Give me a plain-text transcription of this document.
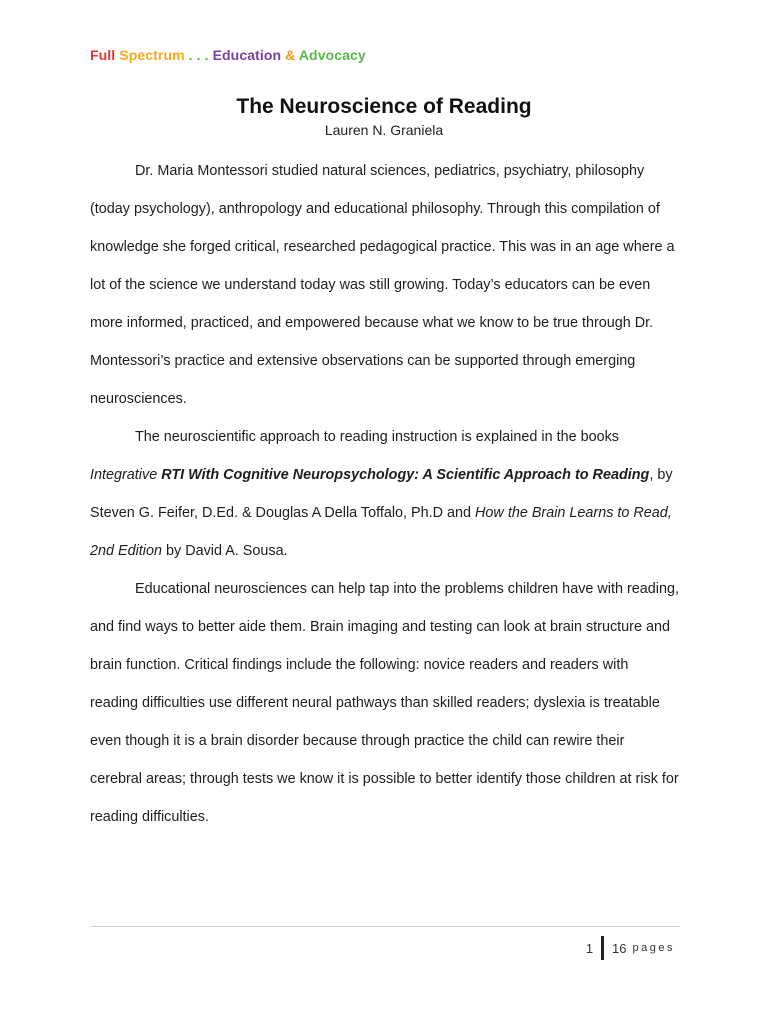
Full Spectrum . . . Education & Advocacy
The Neuroscience of Reading
Lauren N. Graniela

Dr. Maria Montessori studied natural sciences, pediatrics, psychiatry, philosophy (today psychology), anthropology and educational philosophy. Through this compilation of knowledge she forged critical, researched pedagogical practice. This was in an age where a lot of the science we understand today was still growing. Today’s educators can be even more informed, practiced, and empowered because what we know to be true through Dr. Montessori’s practice and extensive observations can be supported through emerging neurosciences.

The neuroscientific approach to reading instruction is explained in the books Integrative RTI With Cognitive Neuropsychology: A Scientific Approach to Reading, by Steven G. Feifer, D.Ed. & Douglas A Della Toffalo, Ph.D and How the Brain Learns to Read, 2nd Edition by David A. Sousa.

Educational neurosciences can help tap into the problems children have with reading, and find ways to better aide them. Brain imaging and testing can look at brain structure and brain function. Critical findings include the following: novice readers and readers with reading difficulties use different neural pathways than skilled readers; dyslexia is treatable even though it is a brain disorder because through practice the child can rewire their cerebral areas; through tests we know it is possible to better identify those children at risk for reading difficulties.

1 16 pages
